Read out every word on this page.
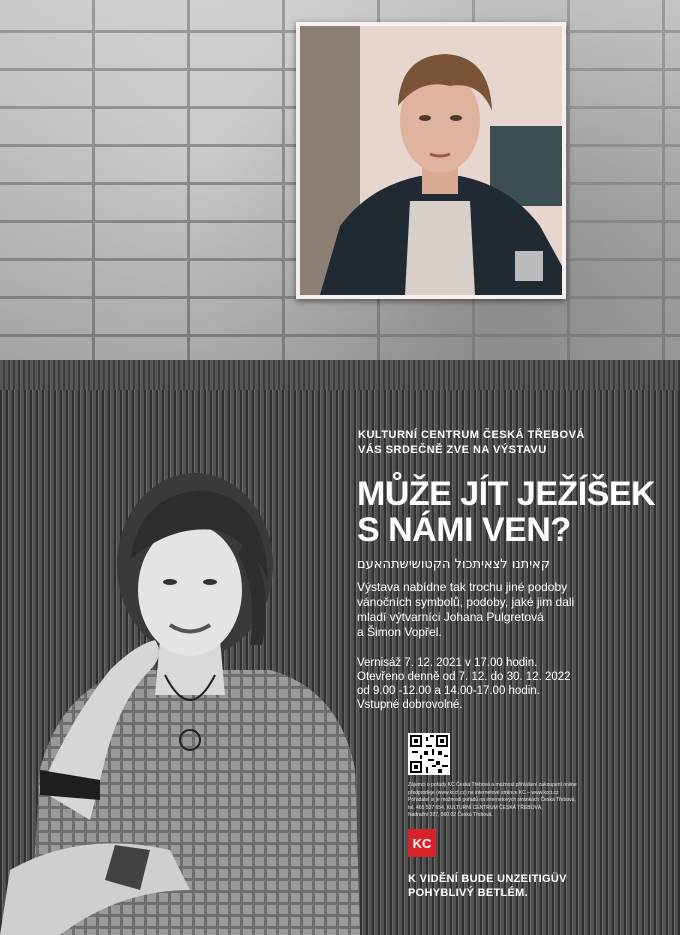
KULTURNÍ CENTRUM ČESKÁ TŘEBOVÁ
VÁS SRDEČNĚ ZVE NA VÝSTAVU
MŮŽE JÍT JEŽÍŠEK
S NÁMI VEN?
קאיתנו לצאיתכול הקטושישתהאעם
Výstava nabídne tak trochu jiné podoby
vánočních symbolů, podoby, jaké jim dali
mladí výtvarníci Johana Pulgretová
a Šimon Vopřel.
Vernisáž 7. 12. 2021 v 17.00 hodin.
Otevřeno denně od 7. 12. do 30. 12. 2022
od 9.00 -12.00 a 14.00-17.00 hodin.
Vstupné dobrovolné.
Zájemci o pořady KC Česká Třebová a možnost přihlášení zakoupení online
předprodeje (www.kcct.cz) na internetové stránce KC – www.kcct.cz
Pořadatel si je možnosti pořadů na internetových stránkách Česká Třebová,
tel. 465 537 654, KULTURNÍ CENTRUM ČESKÁ TŘEBOVÁ,
Nádražní 397, 560 02 Česká Třebová.
KC
K VIDĚNÍ BUDE UNZEITIGÜV
POHYBLIVÝ BETLÉM.
